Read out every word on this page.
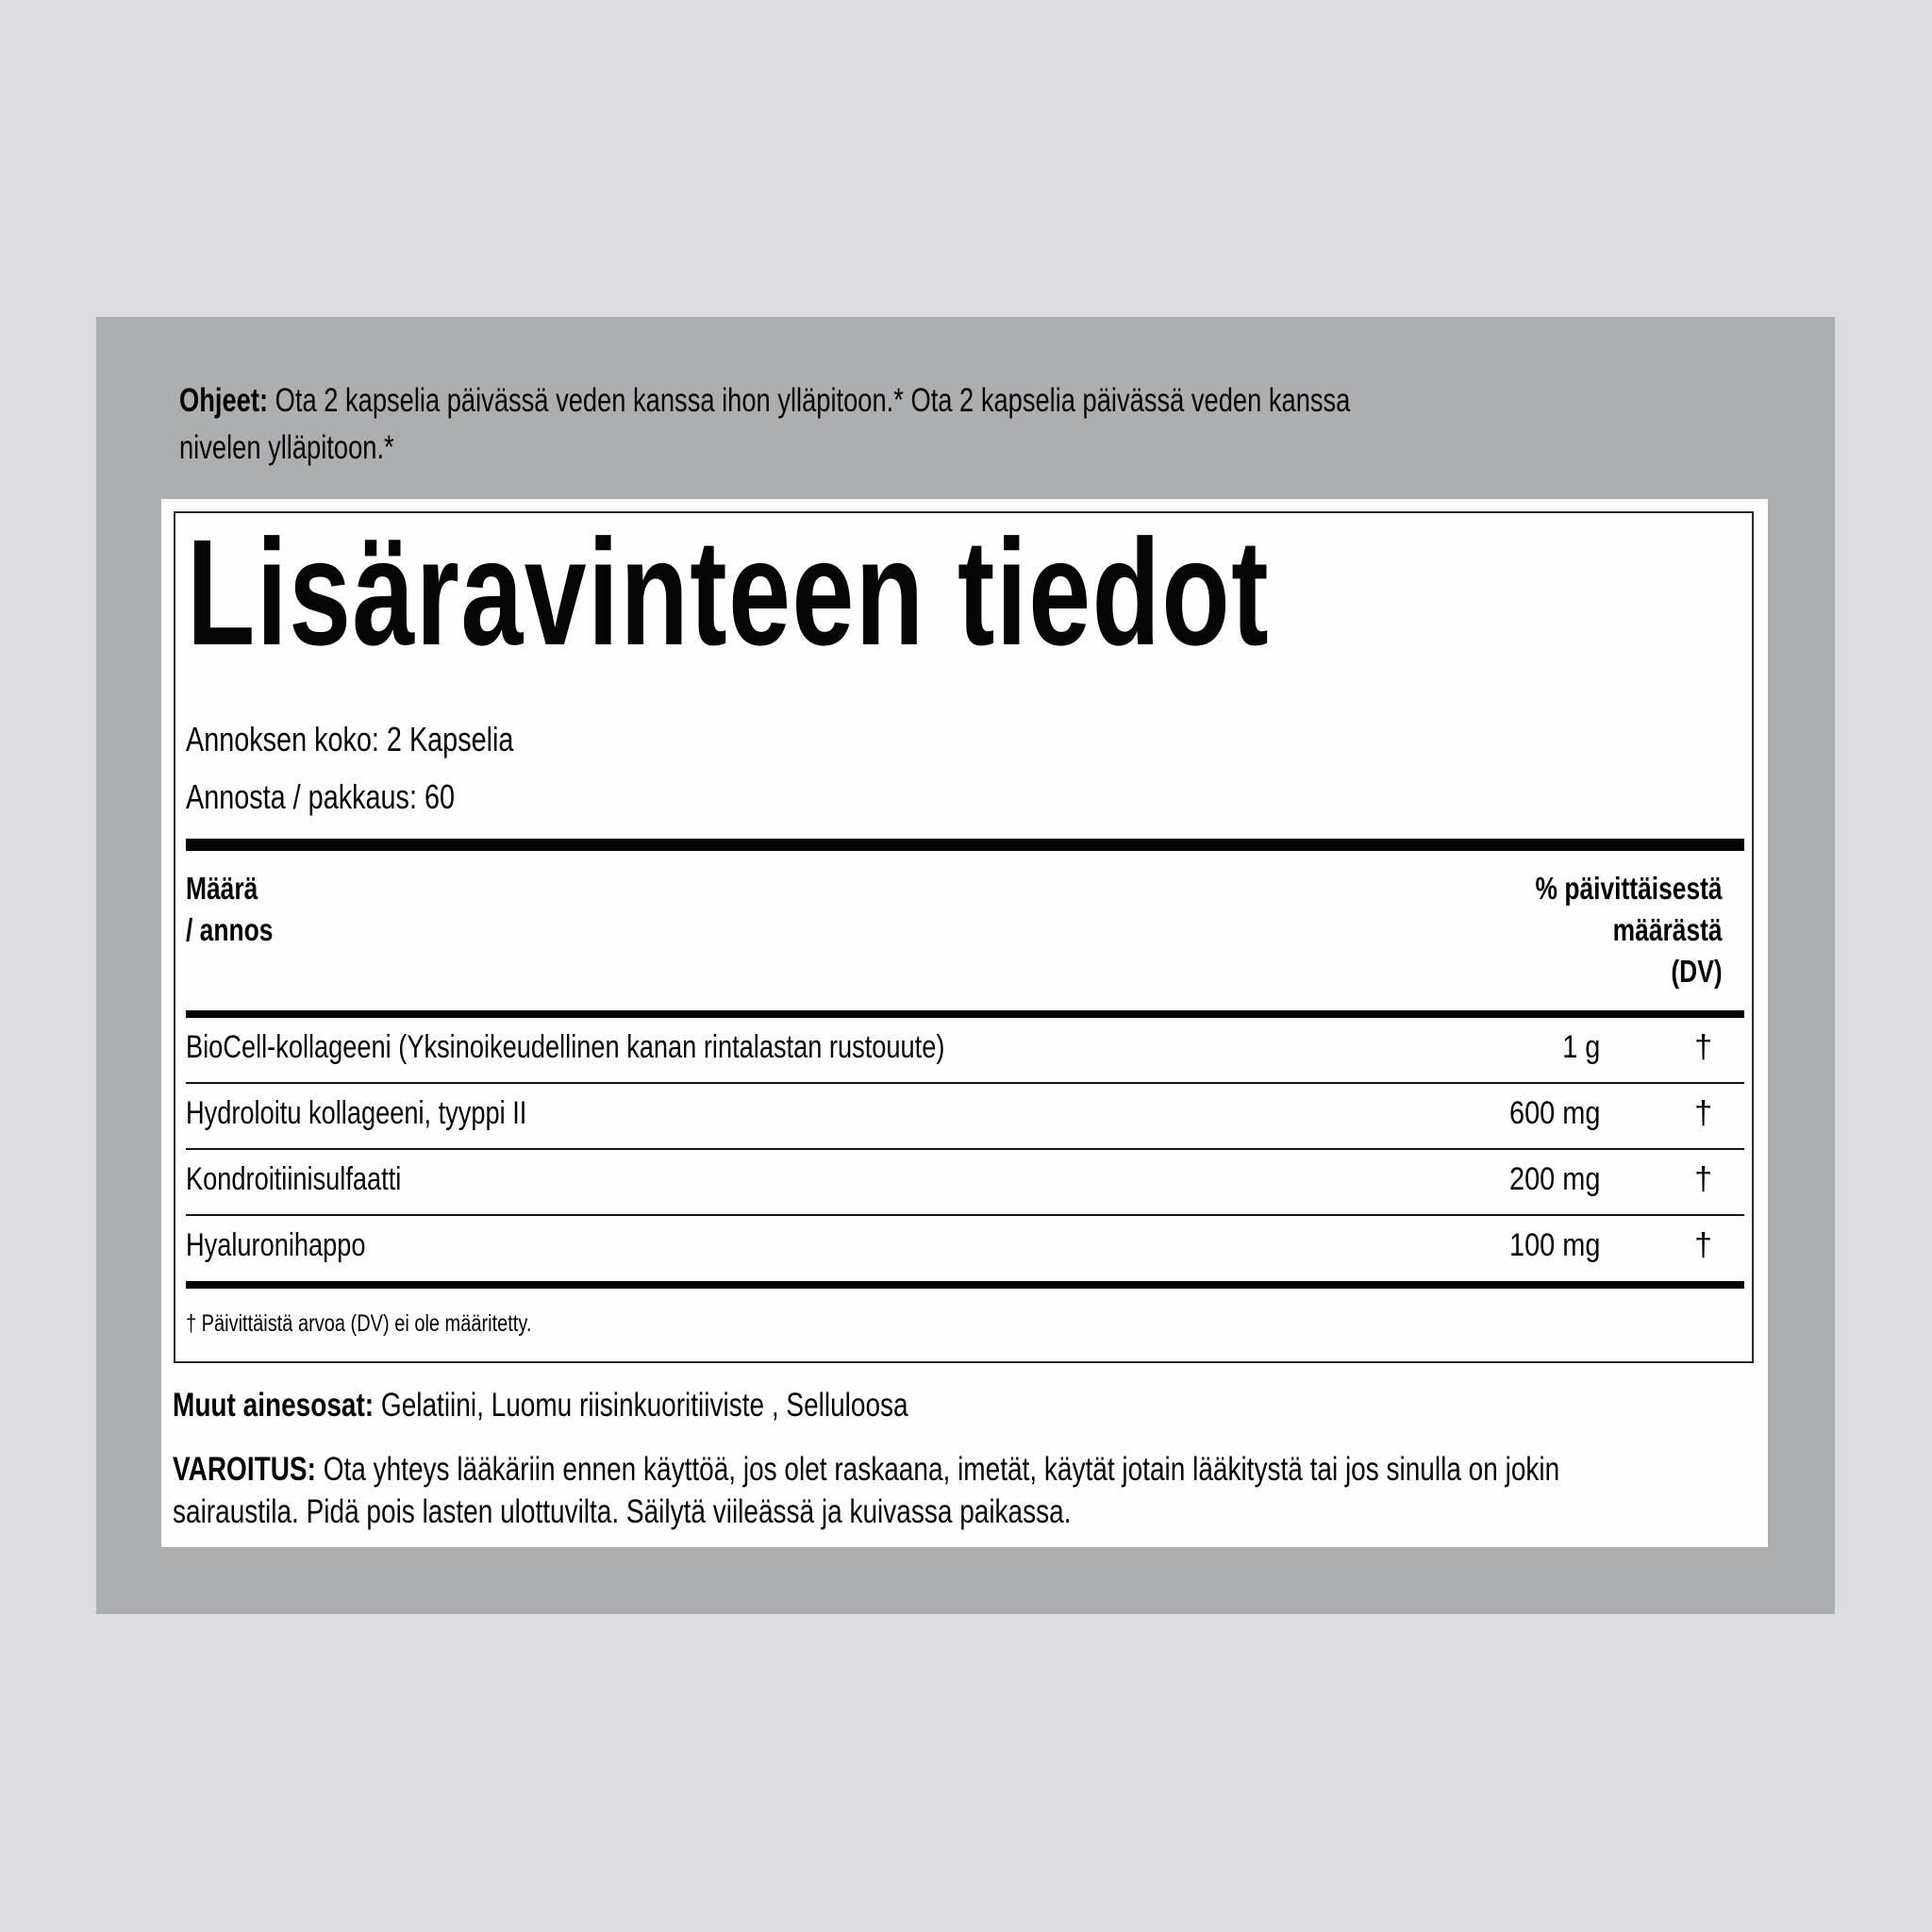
Ohjeet: Ota 2 kapselia päivässä veden kanssa ihon ylläpitoon.* Ota 2 kapselia päivässä veden kanssa
nivelen ylläpitoon.*
Lisäravinteen tiedot
Annoksen koko: 2 Kapselia
Annosta / pakkaus: 60
Määrä
/ annos
% päivittäisestä
määrästä
(DV)
BioCell-kollageeni (Yksinoikeudellinen kanan rintalastan rustouute)	1 g	†
Hydroloitu kollageeni, tyyppi II	600 mg	†
Kondroitiinisulfaatti	200 mg	†
Hyaluronihappo	100 mg	†
† Päivittäistä arvoa (DV) ei ole määritetty.
Muut ainesosat: Gelatiini, Luomu riisinkuoritiiviste , Selluloosa
VAROITUS: Ota yhteys lääkäriin ennen käyttöä, jos olet raskaana, imetät, käytät jotain lääkitystä tai jos sinulla on jokin
sairaustila. Pidä pois lasten ulottuvilta. Säilytä viileässä ja kuivassa paikassa.
